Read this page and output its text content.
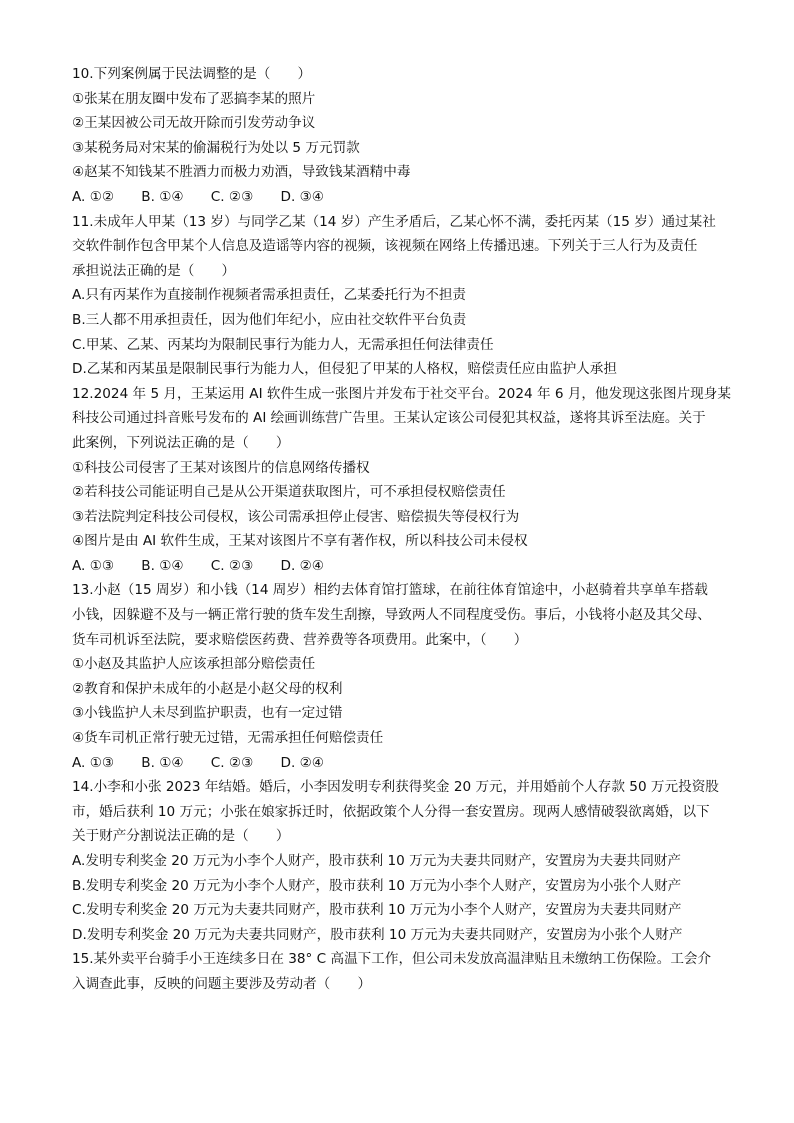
10.下列案例属于民法调整的是（　　）

①张某在朋友圈中发布了恶搞李某的照片

②王某因被公司无故开除而引发劳动争议

③某税务局对宋某的偷漏税行为处以 5 万元罚款

④赵某不知钱某不胜酒力而极力劝酒，导致钱某酒精中毒

A. ①②　　B. ①④　　C. ②③　　D. ③④

11.未成年人甲某（13 岁）与同学乙某（14 岁）产生矛盾后，乙某心怀不满，委托丙某（15 岁）通过某社

交软件制作包含甲某个人信息及造谣等内容的视频，该视频在网络上传播迅速。下列关于三人行为及责任

承担说法正确的是（　　）

A.只有丙某作为直接制作视频者需承担责任，乙某委托行为不担责

B.三人都不用承担责任，因为他们年纪小，应由社交软件平台负责

C.甲某、乙某、丙某均为限制民事行为能力人，无需承担任何法律责任

D.乙某和丙某虽是限制民事行为能力人，但侵犯了甲某的人格权，赔偿责任应由监护人承担

12.2024 年 5 月，王某运用 AI 软件生成一张图片并发布于社交平台。2024 年 6 月，他发现这张图片现身某

科技公司通过抖音账号发布的 AI 绘画训练营广告里。王某认定该公司侵犯其权益，遂将其诉至法庭。关于

此案例，下列说法正确的是（　　）

①科技公司侵害了王某对该图片的信息网络传播权

②若科技公司能证明自己是从公开渠道获取图片，可不承担侵权赔偿责任

③若法院判定科技公司侵权，该公司需承担停止侵害、赔偿损失等侵权行为

④图片是由 AI 软件生成，王某对该图片不享有著作权，所以科技公司未侵权

A. ①③　　B. ①④　　C. ②③　　D. ②④

13.小赵（15 周岁）和小钱（14 周岁）相约去体育馆打篮球，在前往体育馆途中，小赵骑着共享单车搭载

小钱，因躲避不及与一辆正常行驶的货车发生刮擦，导致两人不同程度受伤。事后，小钱将小赵及其父母、

货车司机诉至法院，要求赔偿医药费、营养费等各项费用。此案中，（　　）

①小赵及其监护人应该承担部分赔偿责任

②教育和保护未成年的小赵是小赵父母的权利

③小钱监护人未尽到监护职责，也有一定过错

④货车司机正常行驶无过错，无需承担任何赔偿责任

A. ①③　　B. ①④　　C. ②③　　D. ②④

14.小李和小张 2023 年结婚。婚后，小李因发明专利获得奖金 20 万元，并用婚前个人存款 50 万元投资股

市，婚后获利 10 万元；小张在娘家拆迁时，依据政策个人分得一套安置房。现两人感情破裂欲离婚，以下

关于财产分割说法正确的是（　　）

A.发明专利奖金 20 万元为小李个人财产，股市获利 10 万元为夫妻共同财产，安置房为夫妻共同财产

B.发明专利奖金 20 万元为小李个人财产，股市获利 10 万元为小李个人财产，安置房为小张个人财产

C.发明专利奖金 20 万元为夫妻共同财产，股市获利 10 万元为小李个人财产，安置房为夫妻共同财产

D.发明专利奖金 20 万元为夫妻共同财产，股市获利 10 万元为夫妻共同财产，安置房为小张个人财产

15.某外卖平台骑手小王连续多日在 38° C 高温下工作，但公司未发放高温津贴且未缴纳工伤保险。工会介

入调查此事，反映的问题主要涉及劳动者（　　）
